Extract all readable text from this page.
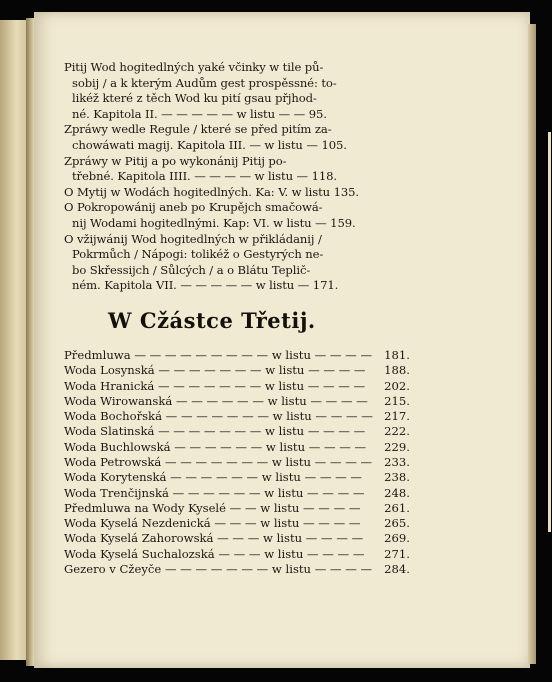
Pitij Wod hogitedlných yaké včinky w tile pů-
sobij / a k kterým Audům gest prospěssné: to-
likéž které z těch Wod ku pití gsau přjhod-
né. Kapitola II. — — — — — w listu — — 95.
Zpráwy wedle Regule / které se před pitím za-
chowáwati magij. Kapitola III. — w listu — 105.
Zpráwy w Pitij a po wykonánij Pitij po-
třebné. Kapitola IIII. — — — — w listu — 118.
O Mytij w Wodách hogitedlných. Ka: V. w listu 135.
O Pokropowánij aneb po Krupějch smačowá-
nij Wodami hogitedlnými. Kap: VI. w listu — 159.
O vžijwánij Wod hogitedlných w přikládanij /
Pokrmůch / Nápogi: tolikéž o Gestyrých ne-
bo Skřessijch / Sůlcých / a o Blátu Teplič-
ném. Kapitola VII. — — — — — w listu — 171.
W Cžástce Třetij.
Předmluwa — — — — — — — — — w listu — — — —	181.
Woda Losynská — — — — — — — w listu — — — —	188.
Woda Hranická — — — — — — — w listu — — — —	202.
Woda Wirowanská — — — — — — w listu — — — —	215.
Woda Bochořská — — — — — — — w listu — — — — 217.
Woda Slatinská — — — — — — — w listu — — — —	222.
Woda Buchlowská — — — — — — w listu — — — —	229.
Woda Petrowská — — — — — — — w listu — — — —	233.
Woda Korytenská — — — — — — w listu — — — —	238.
Woda Trenčijnská — — — — — — w listu — — — —	248.
Předmluwa na Wody Kyselé — — w listu — — — —	261.
Woda Kyselá Nezdenická — — — w listu — — — —	265.
Woda Kyselá Zahorowská — — — w listu — — — —	269.
Woda Kyselá Suchalozská — — — w listu — — — —	271.
Gezero v Cžeyče — — — — — — — w listu — — — —	284.
